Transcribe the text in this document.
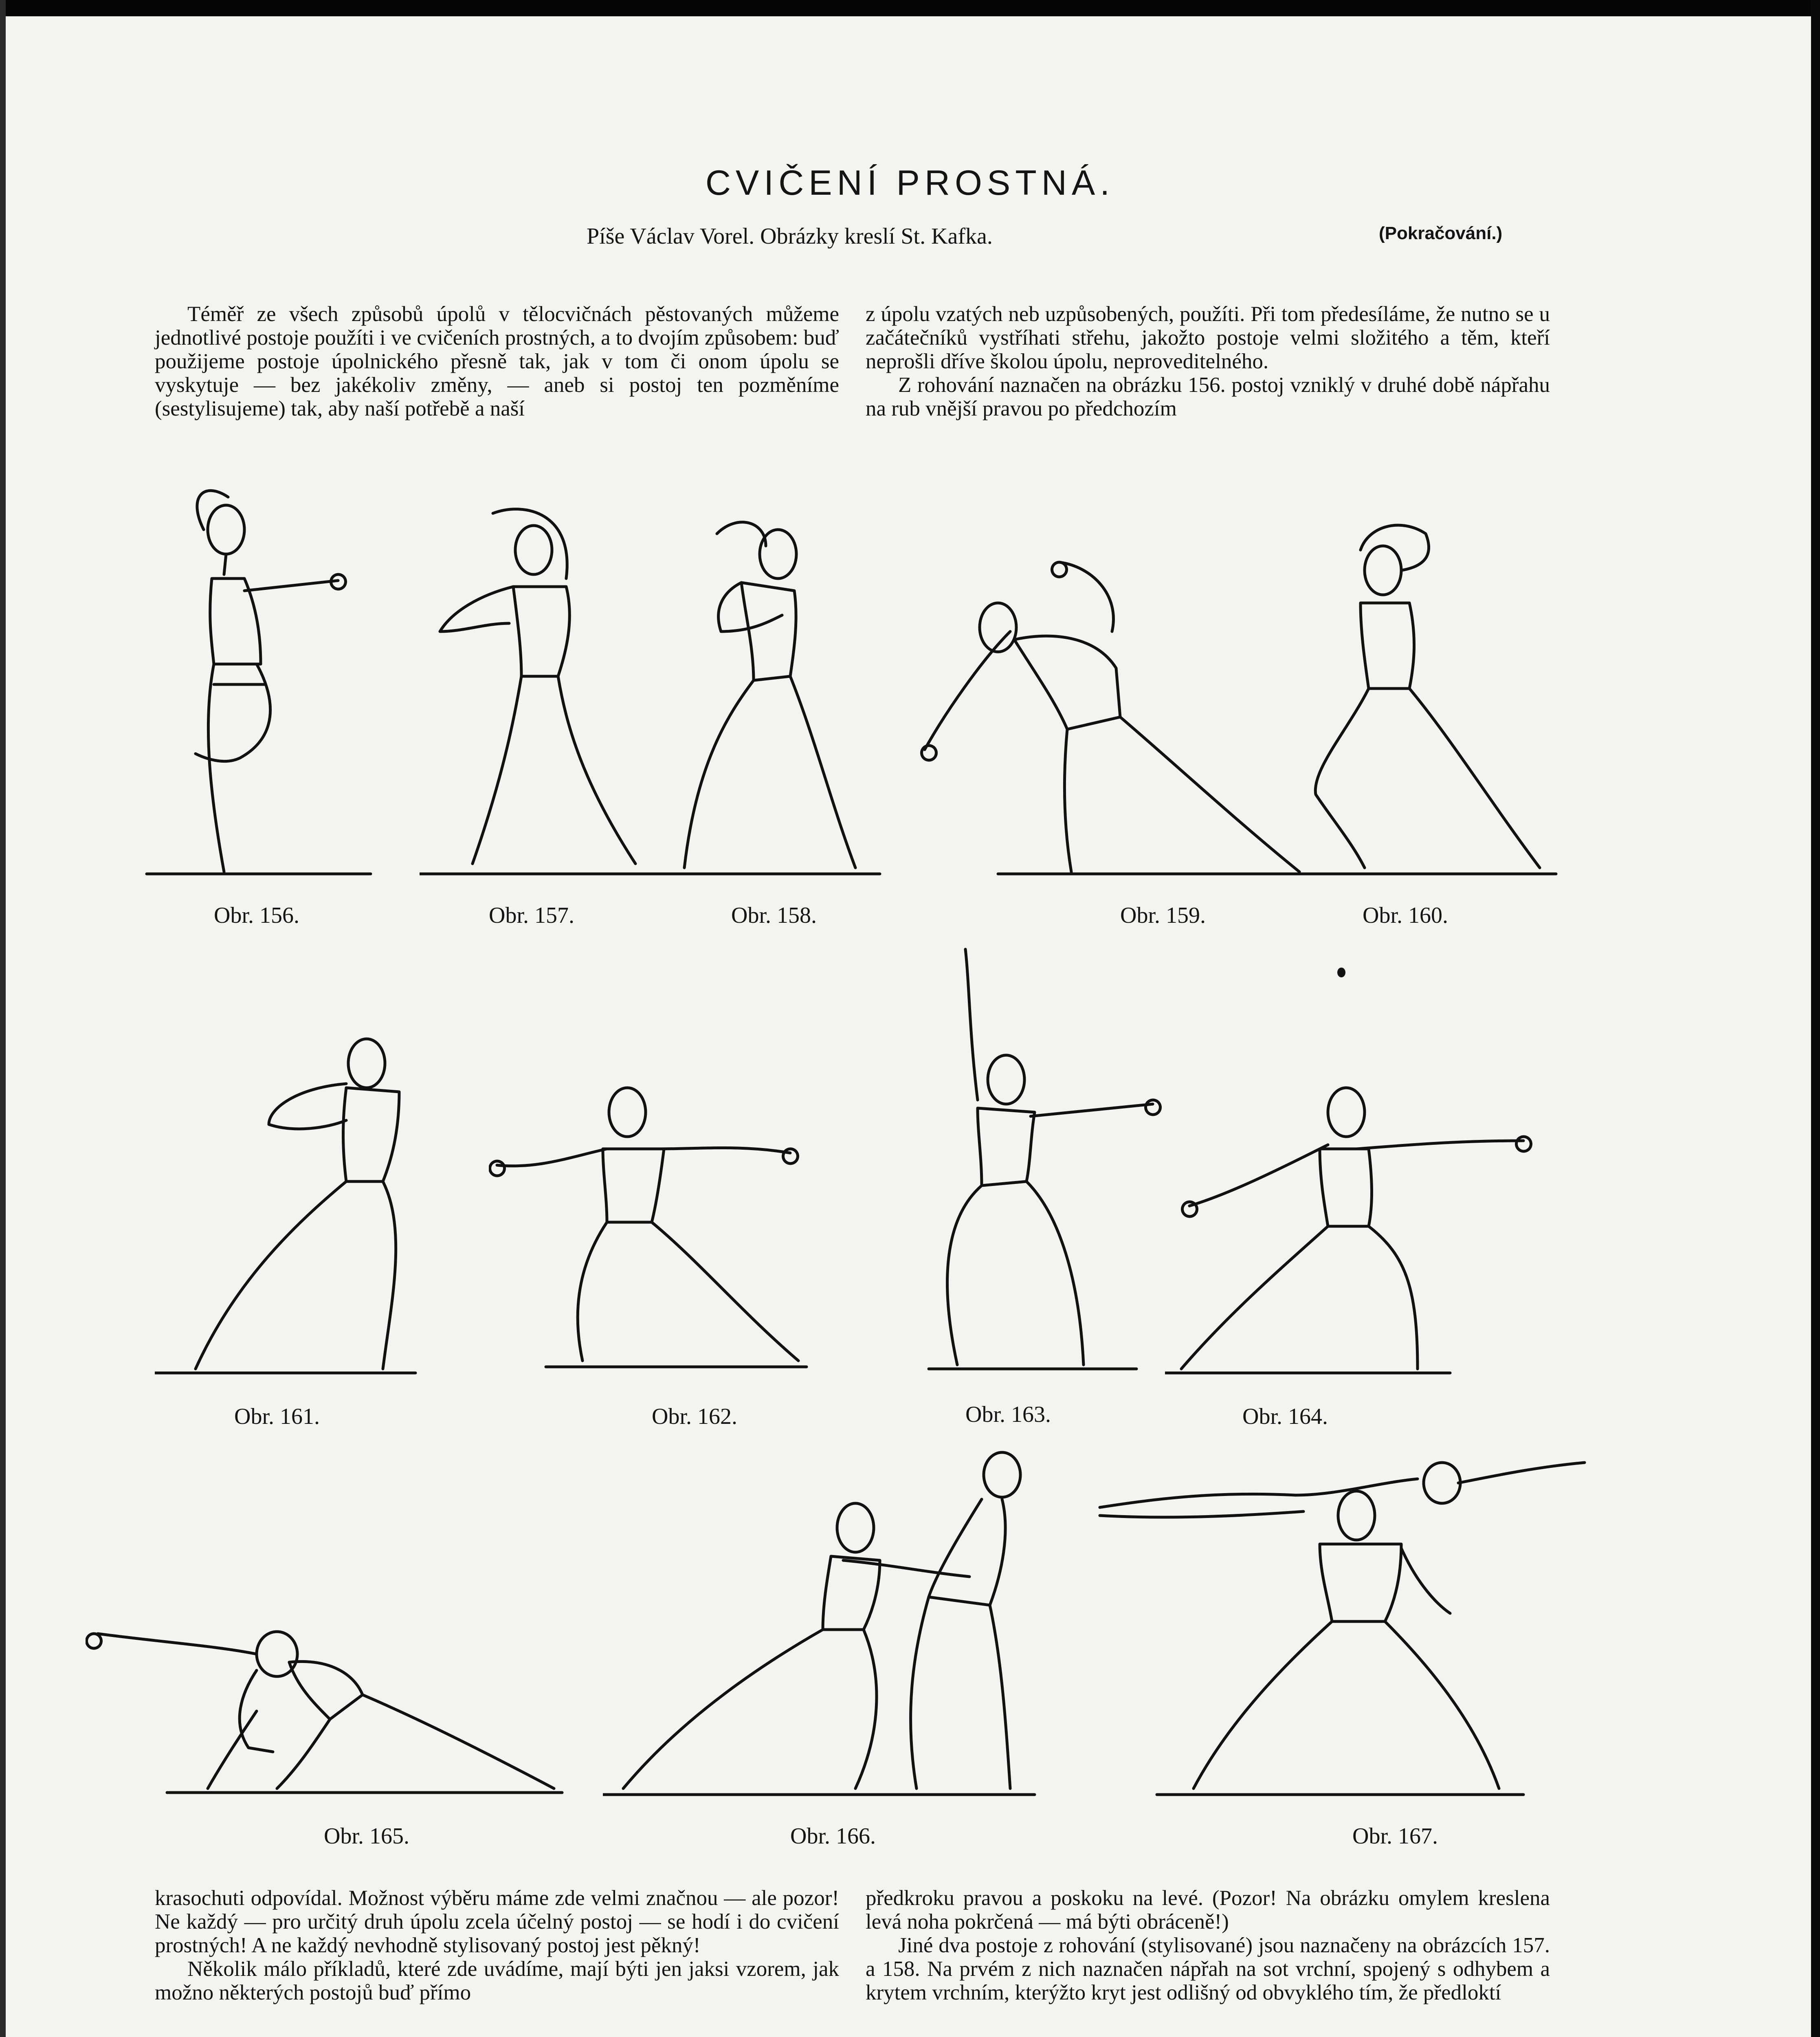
CVIČENÍ PROSTNÁ.
Píše Václav Vorel. Obrázky kreslí St. Kafka.	(Pokračování.)

Téměř ze všech způsobů úpolů v tělocvičnách pěstovaných můžeme jednotlivé postoje použíti i ve cvičeních prostných, a to dvojím způsobem: buď použijeme postoje úpolnického přesně tak, jak v tom či onom úpolu se vyskytuje — bez jakékoliv změny, — aneb si postoj ten pozměníme (sestylisujeme) tak, aby naší potřebě a naší

z úpolu vzatých neb uzpůsobených, použíti. Při tom předesíláme, že nutno se u začátečníků vystříhati střehu, jakožto postoje velmi složitého a těm, kteří neprošli dříve školou úpolu, neproveditelného.

Z rohování naznačen na obrázku 156. postoj vzniklý v druhé době nápřahu na rub vnější pravou po předchozím

Obr. 156.	Obr. 157.	Obr. 158.	Obr. 159.	Obr. 160.
Obr. 161.	Obr. 162.	Obr. 163.	Obr. 164.
Obr. 165.	Obr. 166.	Obr. 167.

krasochuti odpovídal. Možnost výběru máme zde velmi značnou — ale pozor! Ne každý — pro určitý druh úpolu zcela účelný postoj — se hodí i do cvičení prostných! A ne každý nevhodně stylisovaný postoj jest pěkný!

Několik málo příkladů, které zde uvádíme, mají býti jen jaksi vzorem, jak možno některých postojů buď přímo

předkroku pravou a poskoku na levé. (Pozor! Na obrázku omylem kreslena levá noha pokrčená — má býti obráceně!)

Jiné dva postoje z rohování (stylisované) jsou naznačeny na obrázcích 157. a 158. Na prvém z nich naznačen nápřah na sot vrchní, spojený s odhybem a krytem vrchním, kterýžto kryt jest odlišný od obvyklého tím, že předloktí
